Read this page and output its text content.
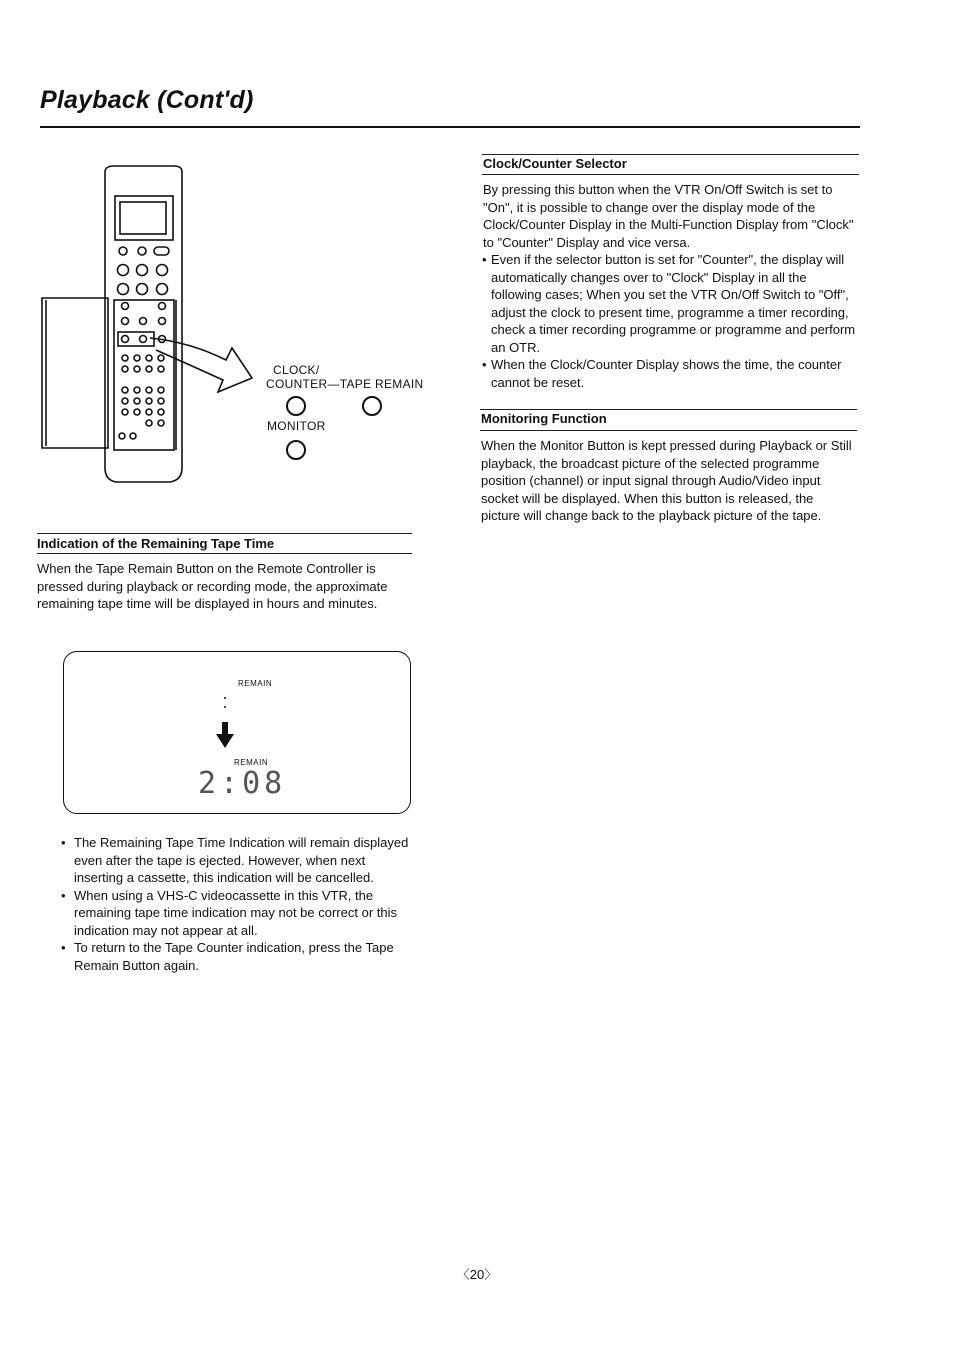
Playback (Cont'd)
CLOCK/
COUNTER—TAPE REMAIN
MONITOR
Indication of the Remaining Tape Time

When the Tape Remain Button on the Remote Controller is pressed during playback or recording mode, the approximate remaining tape time will be displayed in hours and minutes.

REMAIN
REMAIN
2:08
• The Remaining Tape Time Indication will remain displayed even after the tape is ejected. However, when next inserting a cassette, this indication will be cancelled.
• When using a VHS-C videocassette in this VTR, the remaining tape time indication may not be correct or this indication may not appear at all.
• To return to the Tape Counter indication, press the Tape Remain Button again.
Clock/Counter Selector

By pressing this button when the VTR On/Off Switch is set to "On", it is possible to change over the display mode of the Clock/Counter Display in the Multi-Function Display from "Clock" to "Counter" Display and vice versa.

• Even if the selector button is set for "Counter", the display will automatically changes over to "Clock" Display in all the following cases; When you set the VTR On/Off Switch to "Off", adjust the clock to present time, programme a timer recording, check a timer recording programme or programme and perform an OTR.
• When the Clock/Counter Display shows the time, the counter cannot be reset.
Monitoring Function

When the Monitor Button is kept pressed during Playback or Still playback, the broadcast picture of the selected programme position (channel) or input signal through Audio/Video input socket will be displayed. When this button is released, the picture will change back to the playback picture of the tape.

〈20〉
